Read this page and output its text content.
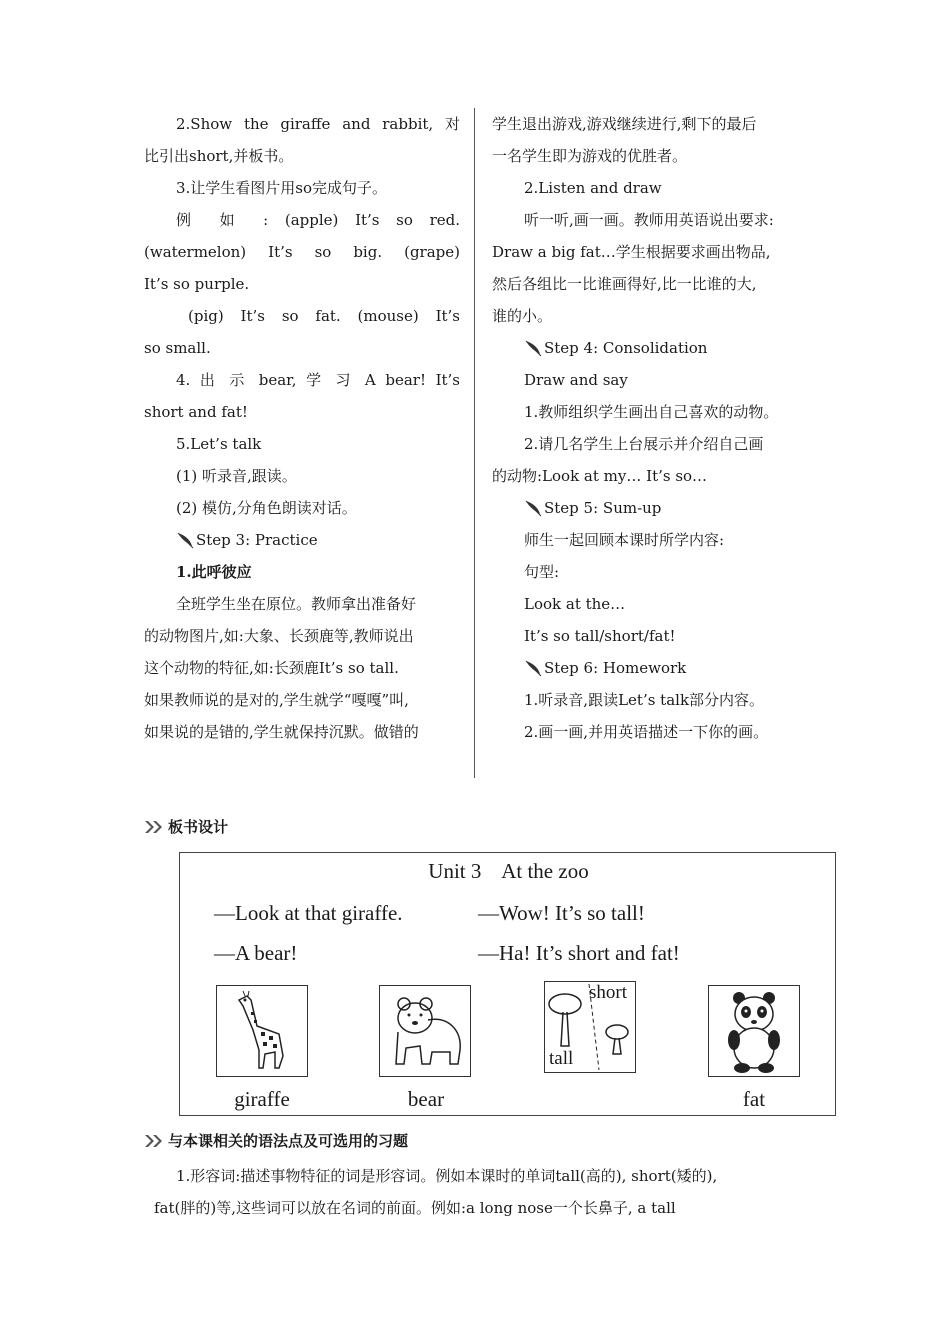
2.Show the giraffe and rabbit, 对

比引出short,并板书。

3.让学生看图片用so完成句子。

例 如 : (apple) It’s so red.

(watermelon) It’s so big. (grape)

It’s so purple.

(pig) It’s so fat. (mouse) It’s

so small.

4. 出 示 bear, 学 习 A bear! It’s

short and fat!

5.Let’s talk

(1) 听录音,跟读。

(2) 模仿,分角色朗读对话。

Step 3: Practice

1.此呼彼应

全班学生坐在原位。教师拿出准备好

的动物图片,如:大象、长颈鹿等,教师说出

这个动物的特征,如:长颈鹿It’s so tall.

如果教师说的是对的,学生就学“嘎嘎”叫,

如果说的是错的,学生就保持沉默。做错的

学生退出游戏,游戏继续进行,剩下的最后

一名学生即为游戏的优胜者。

2.Listen and draw

听一听,画一画。教师用英语说出要求:

Draw a big fat…学生根据要求画出物品,

然后各组比一比谁画得好,比一比谁的大,

谁的小。

Step 4: Consolidation

Draw and say

1.教师组织学生画出自己喜欢的动物。

2.请几名学生上台展示并介绍自己画

的动物:Look at my… It’s so…

Step 5: Sum-up

师生一起回顾本课时所学内容:

句型:

Look at the…

It’s so tall/short/fat!

Step 6: Homework

1.听录音,跟读Let’s talk部分内容。

2.画一画,并用英语描述一下你的画。

板书设计
Unit 3    At the zoo
—Look at that giraffe.	—Wow! It’s so tall!
—A bear!	—Ha! It’s short and fat!
short
tall
giraffe	bear	fat
与本课相关的语法点及可选用的习题

1.形容词:描述事物特征的词是形容词。例如本课时的单词tall(高的), short(矮的),

fat(胖的)等,这些词可以放在名词的前面。例如:a long nose一个长鼻子, a tall
